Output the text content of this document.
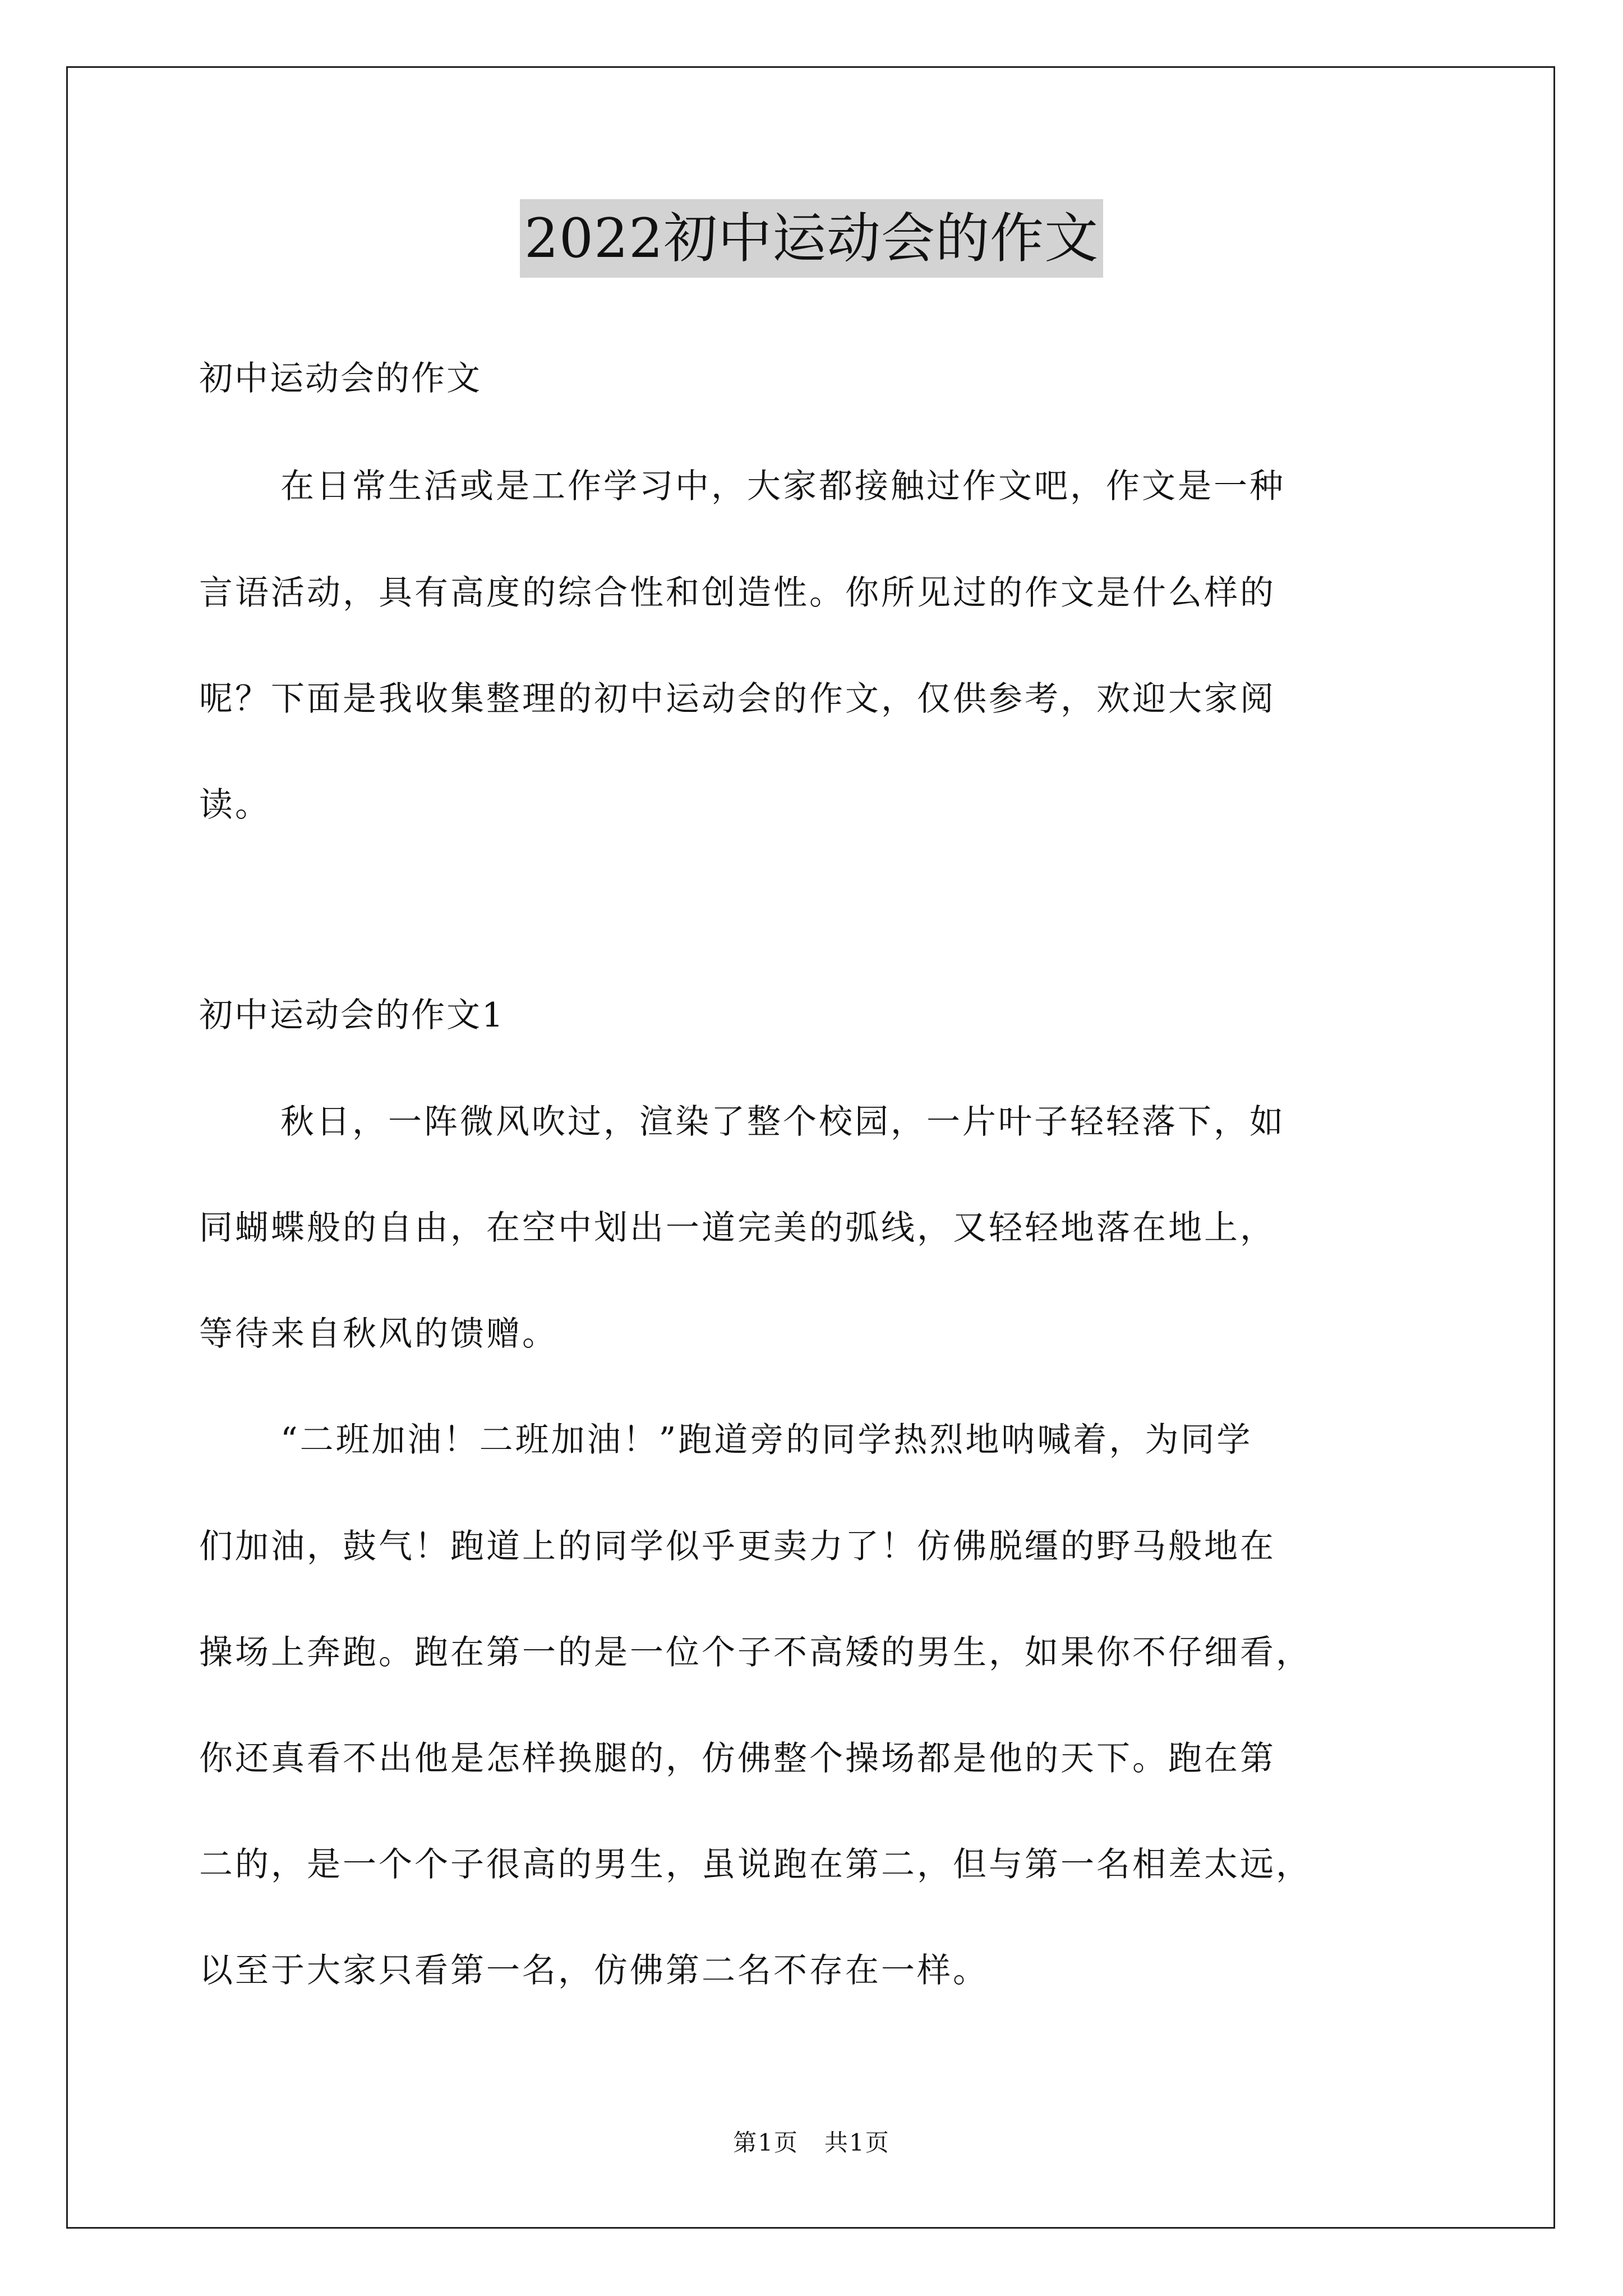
2022初中运动会的作文
初中运动会的作文
在日常生活或是工作学习中，大家都接触过作文吧，作文是一种
言语活动，具有高度的综合性和创造性。你所见过的作文是什么样的
呢？下面是我收集整理的初中运动会的作文，仅供参考，欢迎大家阅
读。
初中运动会的作文1
秋日，一阵微风吹过，渲染了整个校园，一片叶子轻轻落下，如
同蝴蝶般的自由，在空中划出一道完美的弧线，又轻轻地落在地上，
等待来自秋风的馈赠。
“二班加油！二班加油！”跑道旁的同学热烈地呐喊着，为同学
们加油，鼓气！跑道上的同学似乎更卖力了！仿佛脱缰的野马般地在
操场上奔跑。跑在第一的是一位个子不高矮的男生，如果你不仔细看，
你还真看不出他是怎样换腿的，仿佛整个操场都是他的天下。跑在第
二的，是一个个子很高的男生，虽说跑在第二，但与第一名相差太远，
以至于大家只看第一名，仿佛第二名不存在一样。
第1页   共1页
